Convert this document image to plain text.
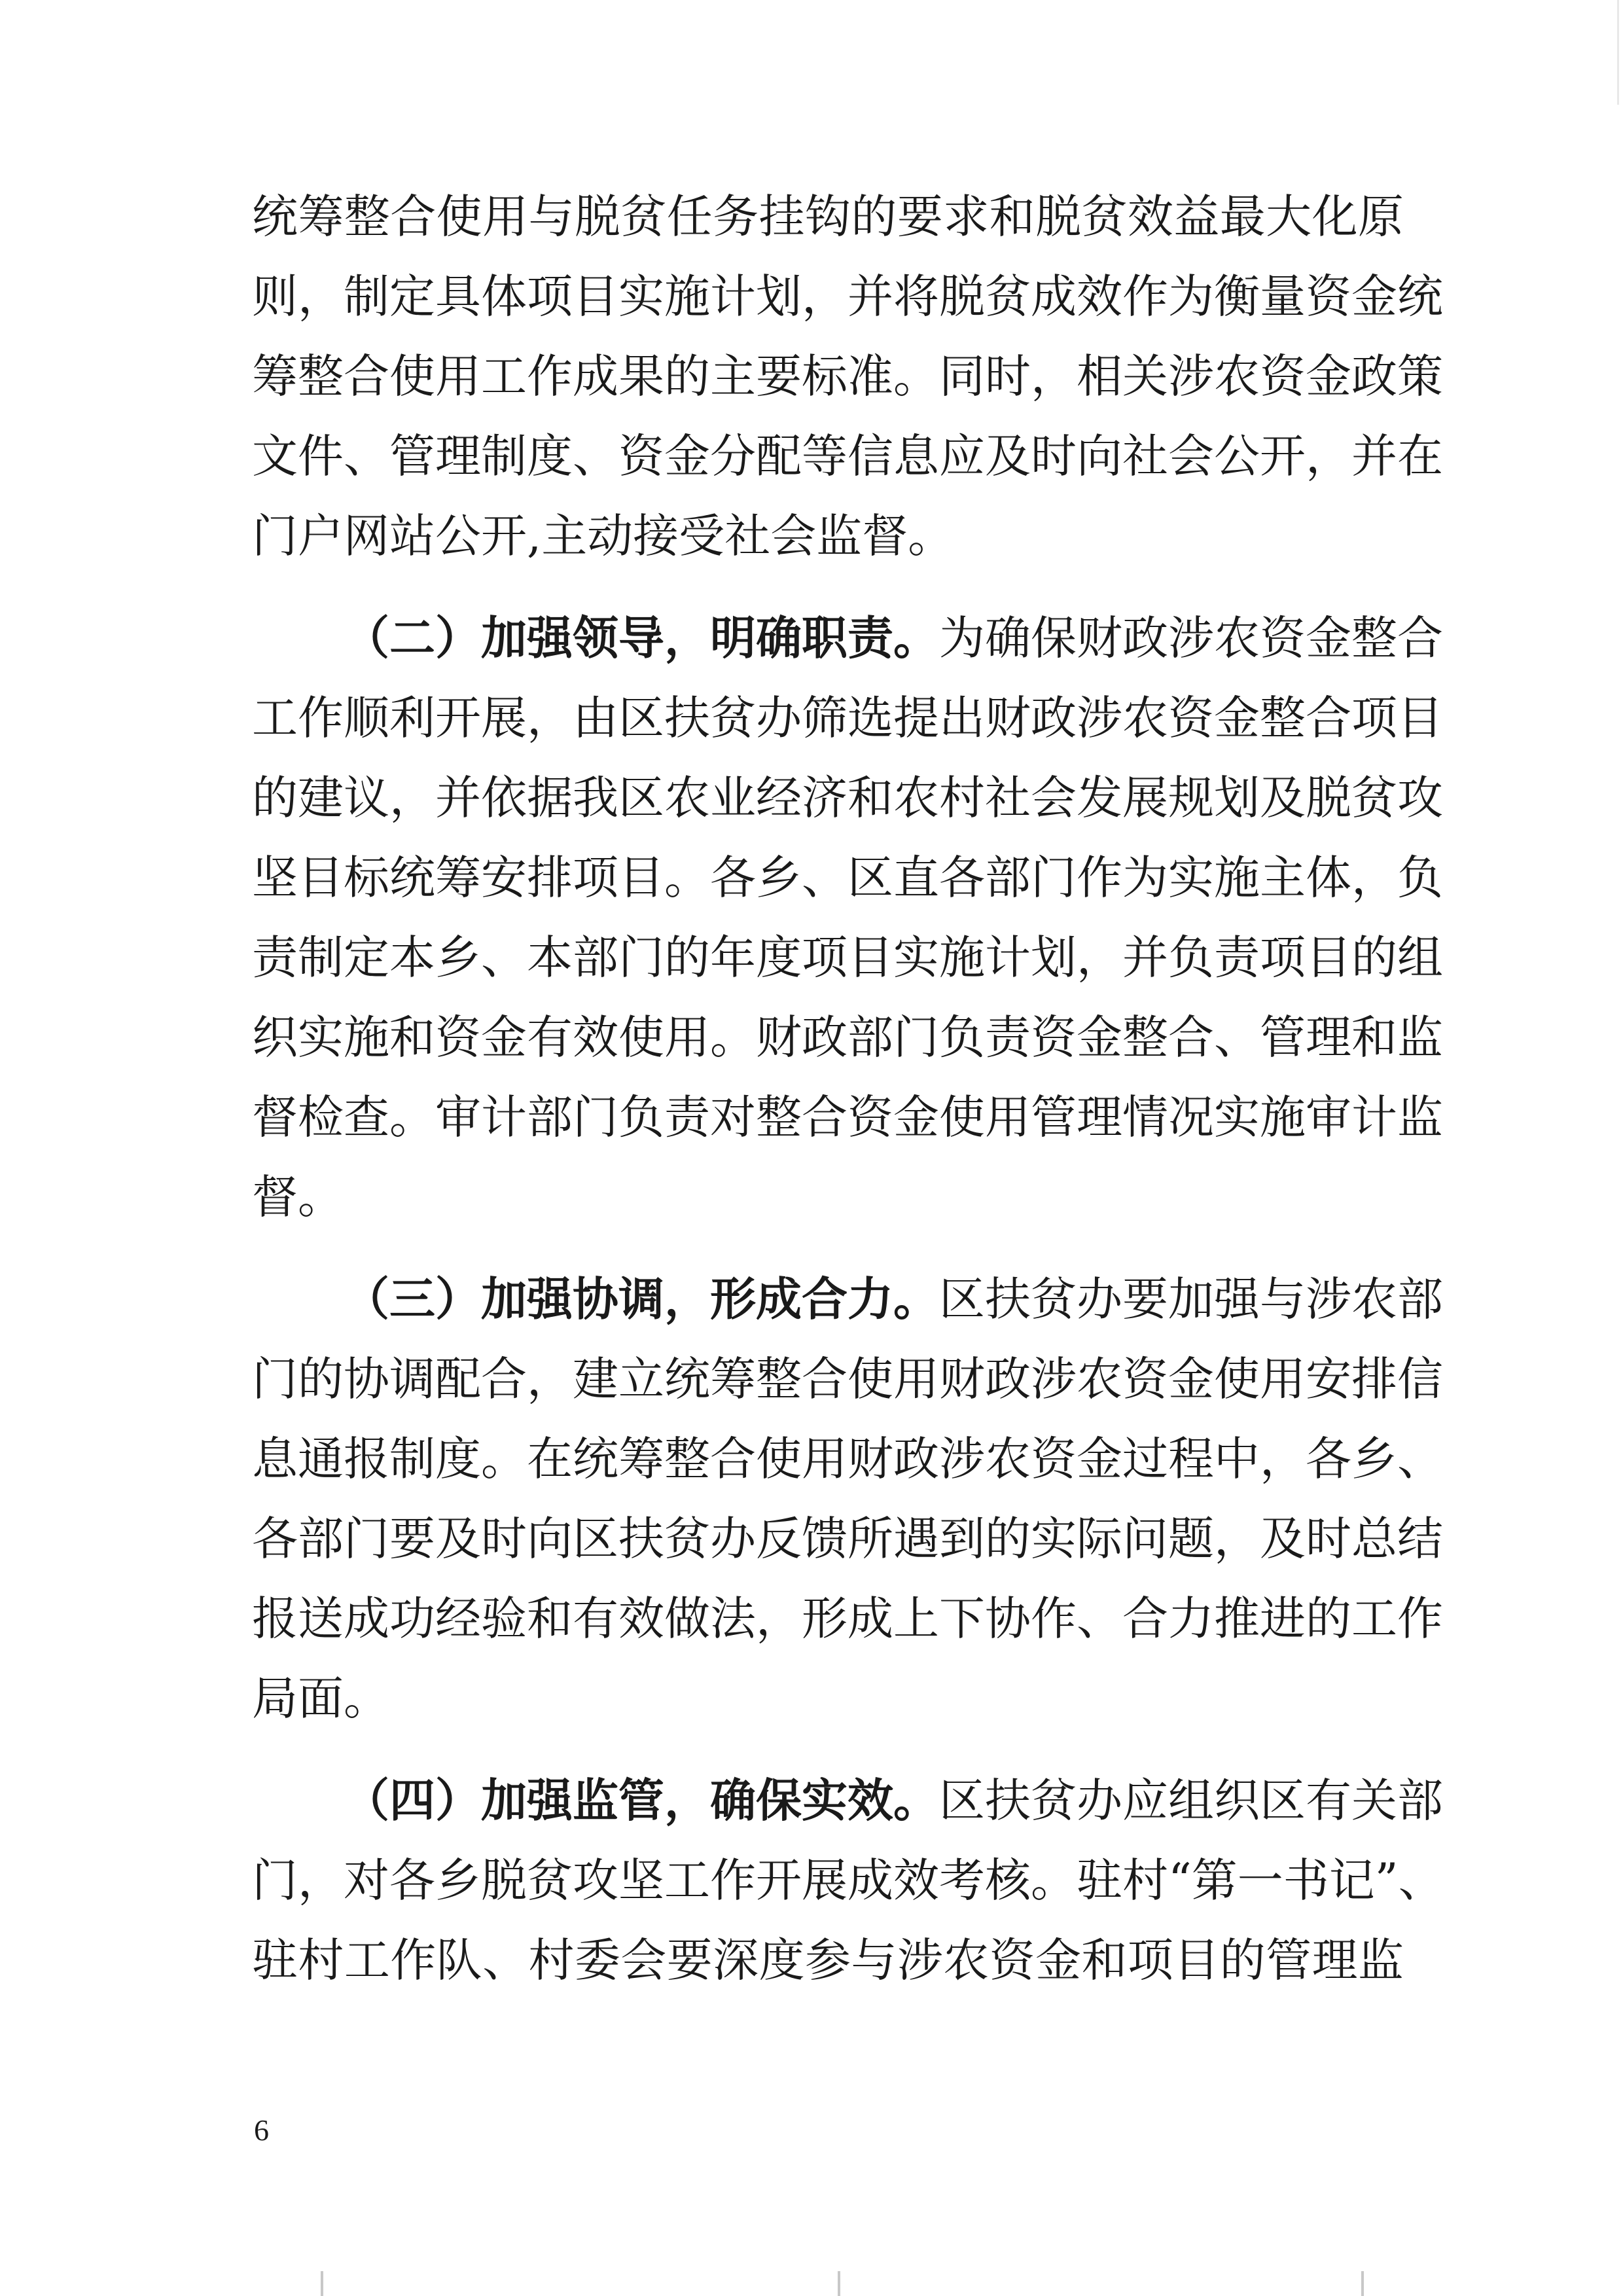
统筹整合使用与脱贫任务挂钩的要求和脱贫效益最大化原
则，制定具体项目实施计划，并将脱贫成效作为衡量资金统
筹整合使用工作成果的主要标准。同时，相关涉农资金政策
文件、管理制度、资金分配等信息应及时向社会公开，并在
门户网站公开,主动接受社会监督。
（二）加强领导，明确职责。为确保财政涉农资金整合
工作顺利开展，由区扶贫办筛选提出财政涉农资金整合项目
的建议，并依据我区农业经济和农村社会发展规划及脱贫攻
坚目标统筹安排项目。各乡、区直各部门作为实施主体，负
责制定本乡、本部门的年度项目实施计划，并负责项目的组
织实施和资金有效使用。财政部门负责资金整合、管理和监
督检查。审计部门负责对整合资金使用管理情况实施审计监
督。
（三）加强协调，形成合力。区扶贫办要加强与涉农部
门的协调配合，建立统筹整合使用财政涉农资金使用安排信
息通报制度。在统筹整合使用财政涉农资金过程中，各乡、
各部门要及时向区扶贫办反馈所遇到的实际问题，及时总结
报送成功经验和有效做法，形成上下协作、合力推进的工作
局面。
（四）加强监管，确保实效。区扶贫办应组织区有关部
门，对各乡脱贫攻坚工作开展成效考核。驻村“第一书记”、
驻村工作队、村委会要深度参与涉农资金和项目的管理监
6
